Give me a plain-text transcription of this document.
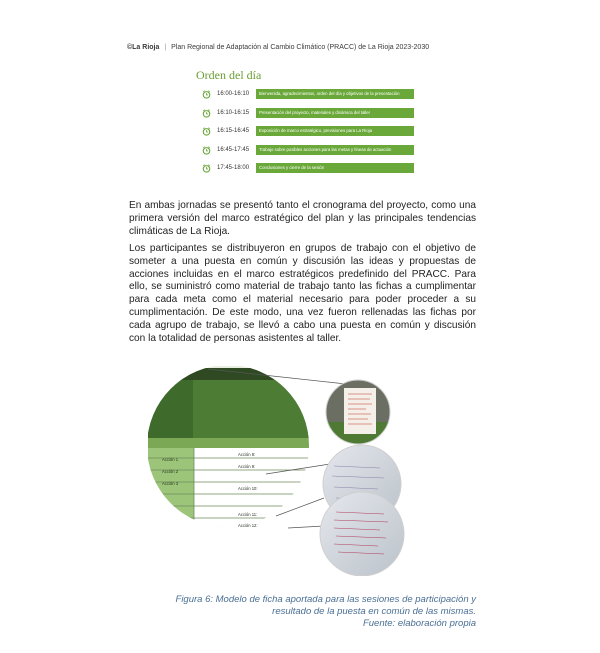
©La Rioja | Plan Regional de Adaptación al Cambio Climático (PRACC) de La Rioja 2023-2030
Orden del día
16:00-16:10	Bienvenida, agradecimientos, orden del día y objetivos de la presentación
16:10-16:15	Presentación del proyecto, materiales y dinámica del taller
16:15-16:45	Exposición de marco estratégico, previsiones para La Rioja
16:45-17:45	Trabajo sobre posibles acciones para las metas y líneas de actuación
17:45-18:00	Conclusiones y cierre de la sesión

En ambas jornadas se presentó tanto el cronograma del proyecto, como una primera versión del marco estratégico del plan y las principales tendencias climáticas de La Rioja.

Los participantes se distribuyeron en grupos de trabajo con el objetivo de someter a una puesta en común y discusión las ideas y propuestas de acciones incluidas en el marco estratégicos predefinido del PRACC. Para ello, se suministró como material de trabajo tanto las fichas a cumplimentar para cada meta como el material necesario para poder proceder a su cumplimentación. De este modo, una vez fueron rellenadas las fichas por cada agrupo de trabajo, se llevó a cabo una puesta en común y discusión con la totalidad de personas asistentes al taller.

Acción 1
Acción 2
Acción 3
Acción 8:
Acción 9:
Acción 10:
Acción 11:
Acción 12:
Figura 6: Modelo de ficha aportada para las sesiones de participación y
resultado de la puesta en común de las mismas.
Fuente: elaboración propia
